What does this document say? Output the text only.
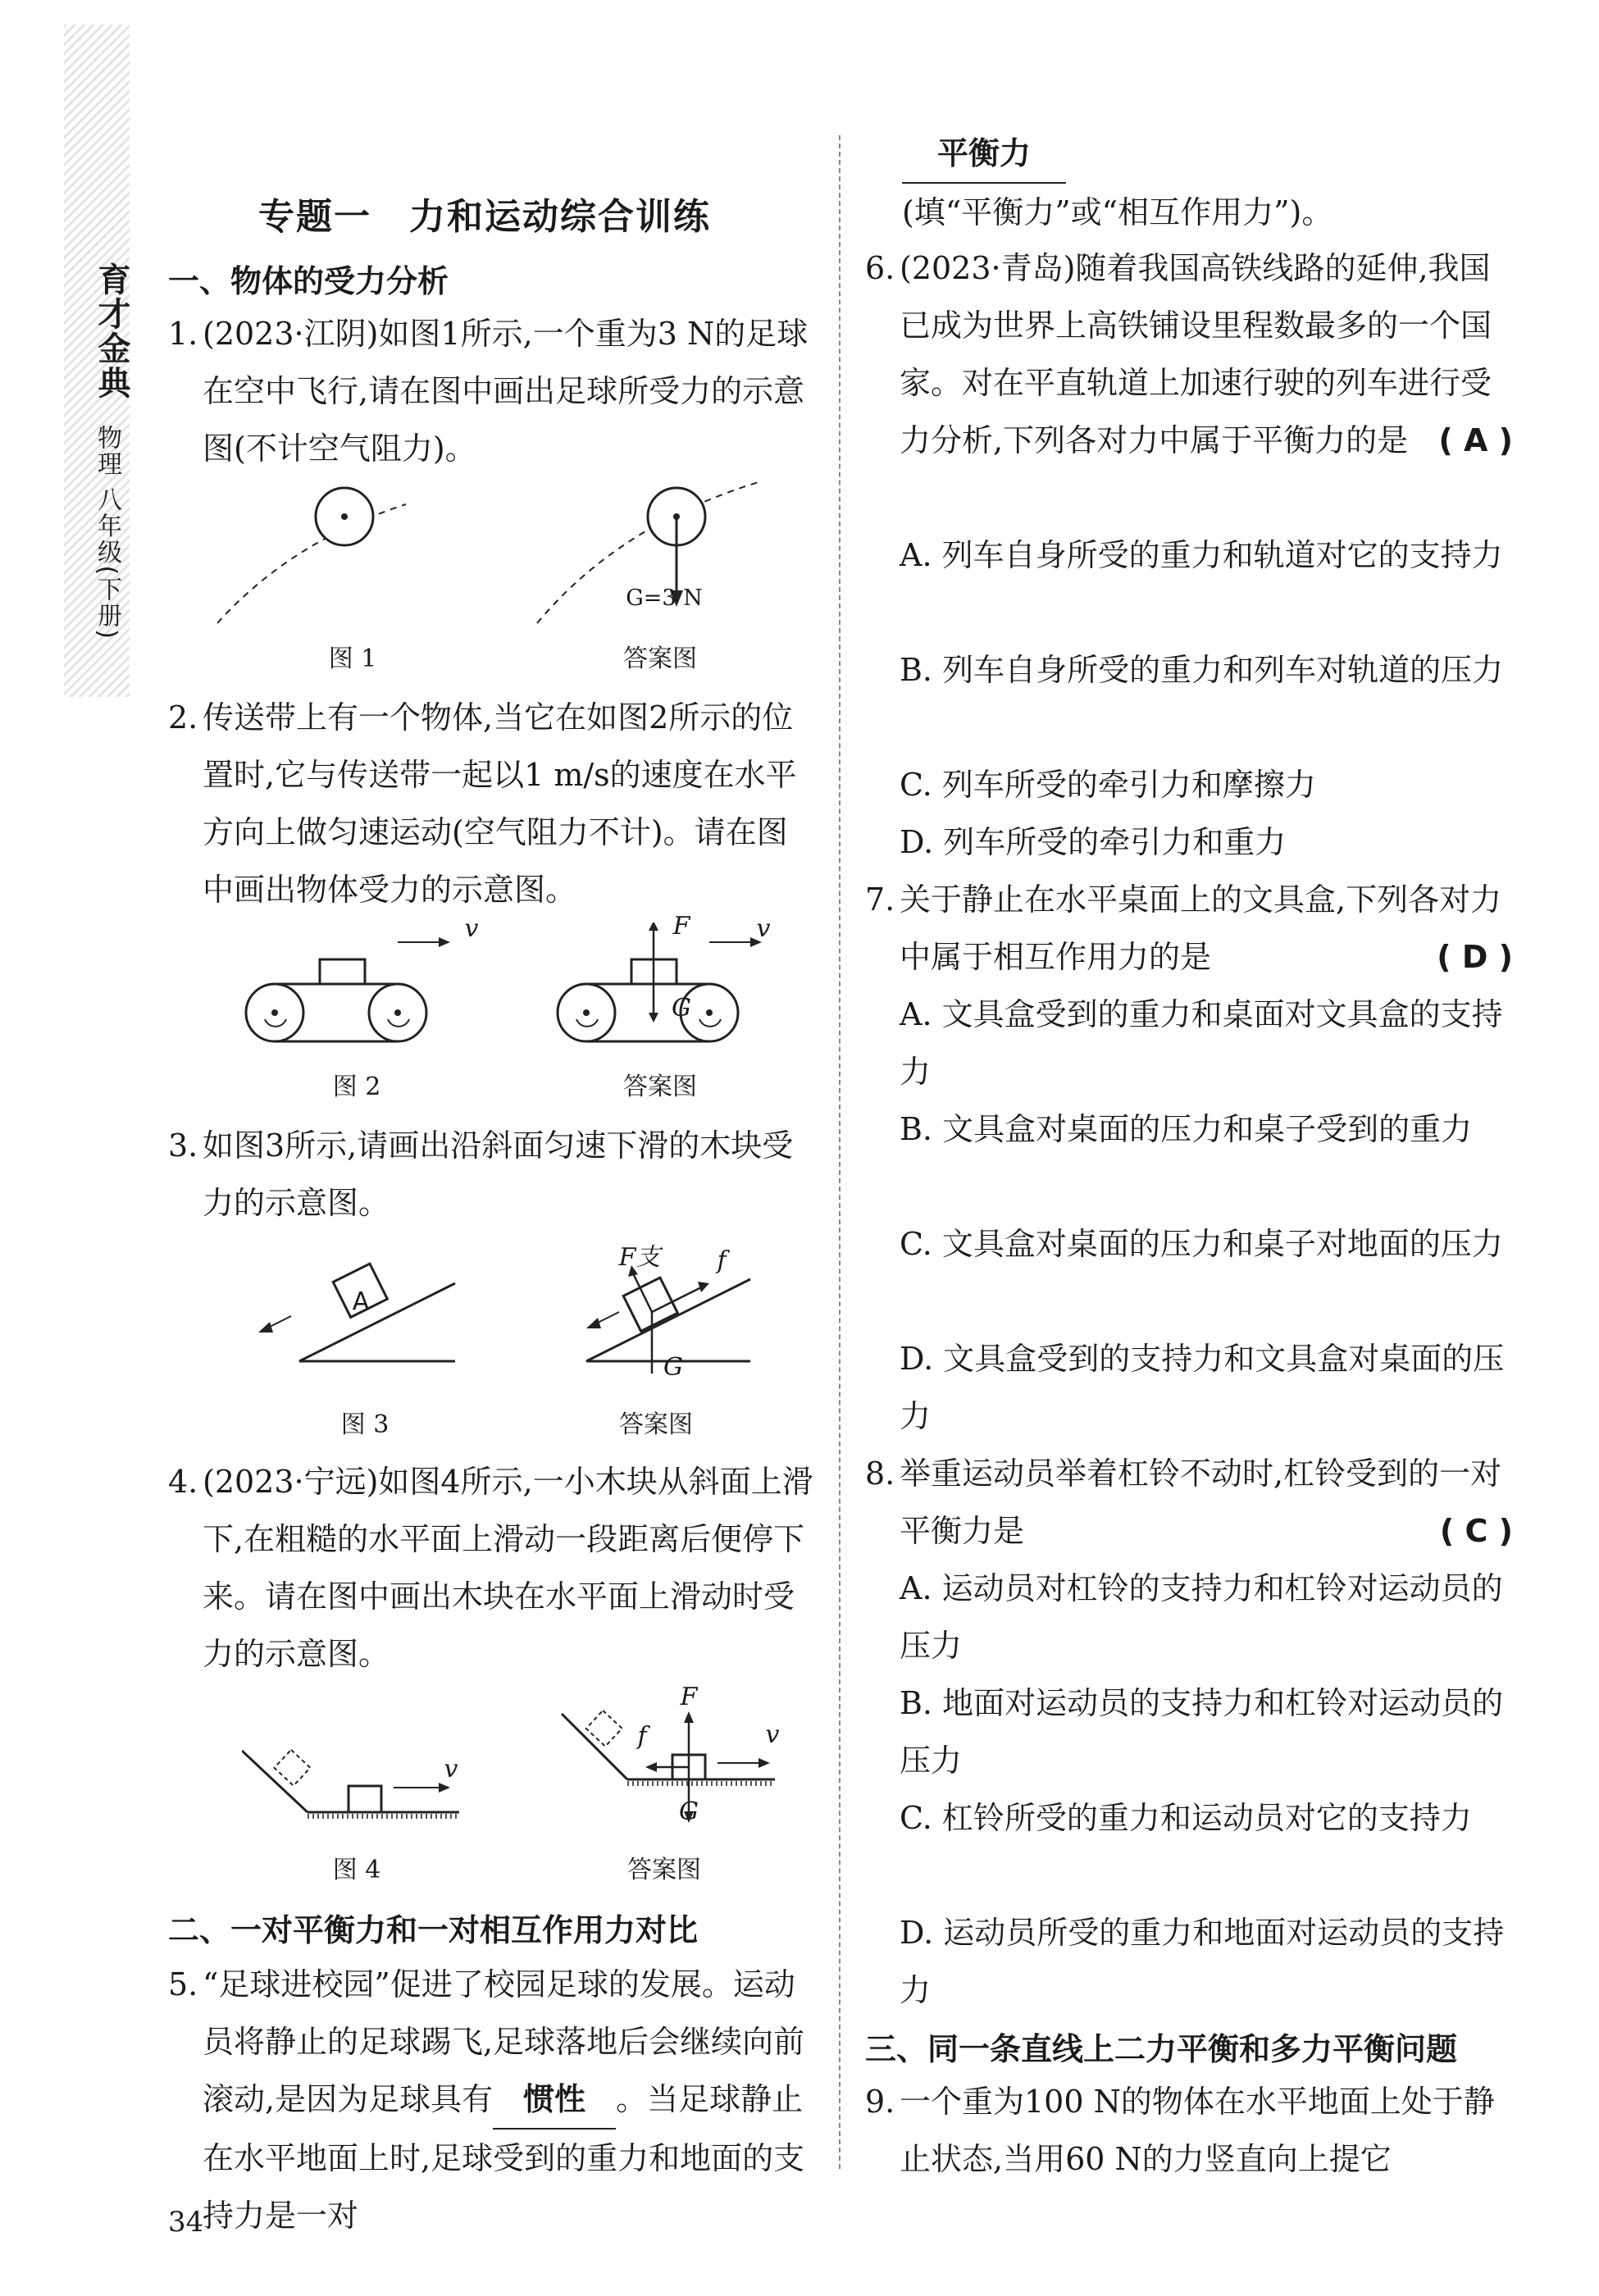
育才金典
物理 八年级(下册)
专题一　力和运动综合训练
一、物体的受力分析
1. (2023·江阴)如图1所示,一个重为3 N的足球在空中飞行,请在图中画出足球所受力的示意图(不计空气阻力)。
G=3 N
图 1	答案图
2. 传送带上有一个物体,当它在如图2所示的位置时,它与传送带一起以1 m/s的速度在水平方向上做匀速运动(空气阻力不计)。请在图中画出物体受力的示意图。
v	v
F
G
图 2	答案图
3. 如图3所示,请画出沿斜面匀速下滑的木块受力的示意图。
A
F支	f
G
图 3	答案图
4. (2023·宁远)如图4所示,一小木块从斜面上滑下,在粗糙的水平面上滑动一段距离后便停下来。请在图中画出木块在水平面上滑动时受力的示意图。
v
v
F
f
G
图 4	答案图
二、一对平衡力和一对相互作用力对比
5. “足球进校园”促进了校园足球的发展。运动员将静止的足球踢飞,足球落地后会继续向前滚动,是因为足球具有 惯性 。当足球静止在水平地面上时,足球受到的重力和地面的支持力是一对
平衡力
(填“平衡力”或“相互作用力”)。
6. (2023·青岛)随着我国高铁线路的延伸,我国已成为世界上高铁铺设里程数最多的一个国家。对在平直轨道上加速行驶的列车进行受力分析,下列各对力中属于平衡力的是 ( A )
A. 列车自身所受的重力和轨道对它的支持力
B. 列车自身所受的重力和列车对轨道的压力
C. 列车所受的牵引力和摩擦力
D. 列车所受的牵引力和重力
7. 关于静止在水平桌面上的文具盒,下列各对力中属于相互作用力的是	( D )
A. 文具盒受到的重力和桌面对文具盒的支持力
B. 文具盒对桌面的压力和桌子受到的重力
C. 文具盒对桌面的压力和桌子对地面的压力
D. 文具盒受到的支持力和文具盒对桌面的压力
8. 举重运动员举着杠铃不动时,杠铃受到的一对平衡力是	( C )
A. 运动员对杠铃的支持力和杠铃对运动员的压力
B. 地面对运动员的支持力和杠铃对运动员的压力
C. 杠铃所受的重力和运动员对它的支持力
D. 运动员所受的重力和地面对运动员的支持力
三、同一条直线上二力平衡和多力平衡问题
9. 一个重为100 N的物体在水平地面上处于静止状态,当用60 N的力竖直向上提它
34
